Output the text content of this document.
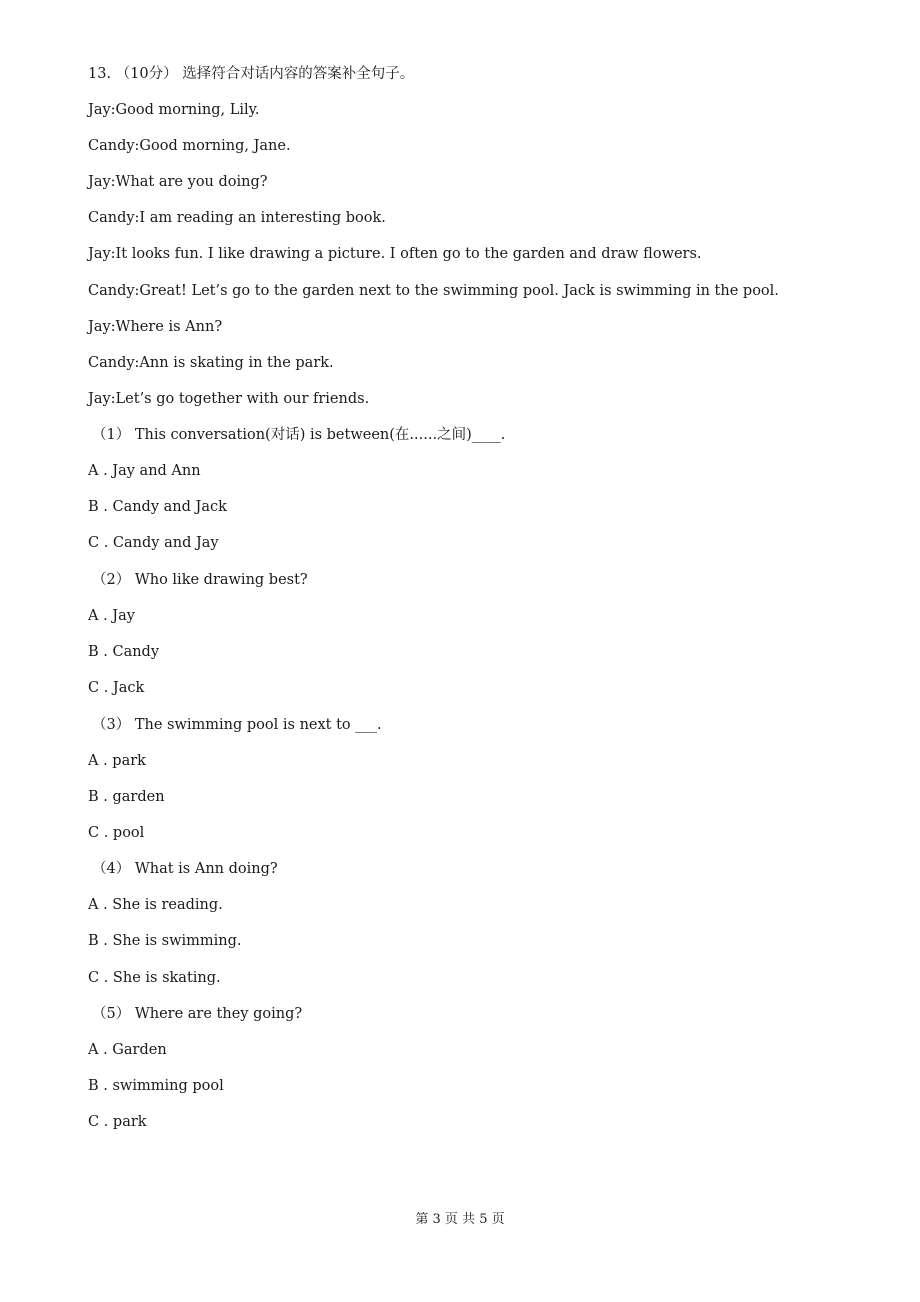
13. （10分） 选择符合对话内容的答案补全句子。
Jay:Good morning, Lily.
Candy:Good morning, Jane.
Jay:What are you doing?
Candy:I am reading an interesting book.
Jay:It looks fun. I like drawing a picture. I often go to the garden and draw flowers.
Candy:Great! Let’s go to the garden next to the swimming pool. Jack is swimming in the pool.
Jay:Where is Ann?
Candy:Ann is skating in the park.
Jay:Let’s go together with our friends.
（1） This conversation(对话) is between(在......之间)____.
A . Jay and Ann
B . Candy and Jack
C . Candy and Jay
（2） Who like drawing best?
A . Jay
B . Candy
C . Jack
（3） The swimming pool is next to ___.
A . park
B . garden
C . pool
（4） What is Ann doing?
A . She is reading.
B . She is swimming.
C . She is skating.
（5） Where are they going?
A . Garden
B . swimming pool
C . park
第 3 页 共 5 页
